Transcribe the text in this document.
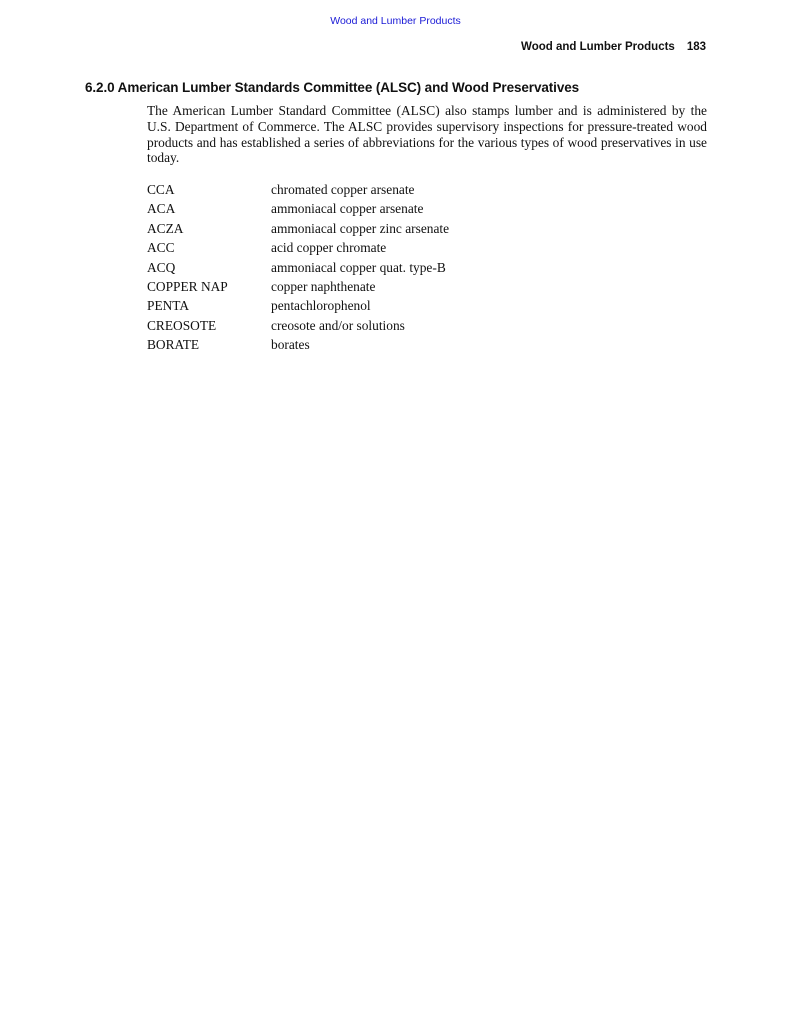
Wood and Lumber Products
Wood and Lumber Products 183
6.2.0 American Lumber Standards Committee (ALSC) and Wood Preservatives

The American Lumber Standard Committee (ALSC) also stamps lumber and is administered by the U.S. Department of Commerce. The ALSC provides supervisory inspections for pressure-treated wood products and has established a series of abbreviations for the various types of wood preservatives in use today.

CCA	chromated copper arsenate
ACA	ammoniacal copper arsenate
ACZA	ammoniacal copper zinc arsenate
ACC	acid copper chromate
ACQ	ammoniacal copper quat. type-B
COPPER NAP	copper naphthenate
PENTA	pentachlorophenol
CREOSOTE	creosote and/or solutions
BORATE	borates
